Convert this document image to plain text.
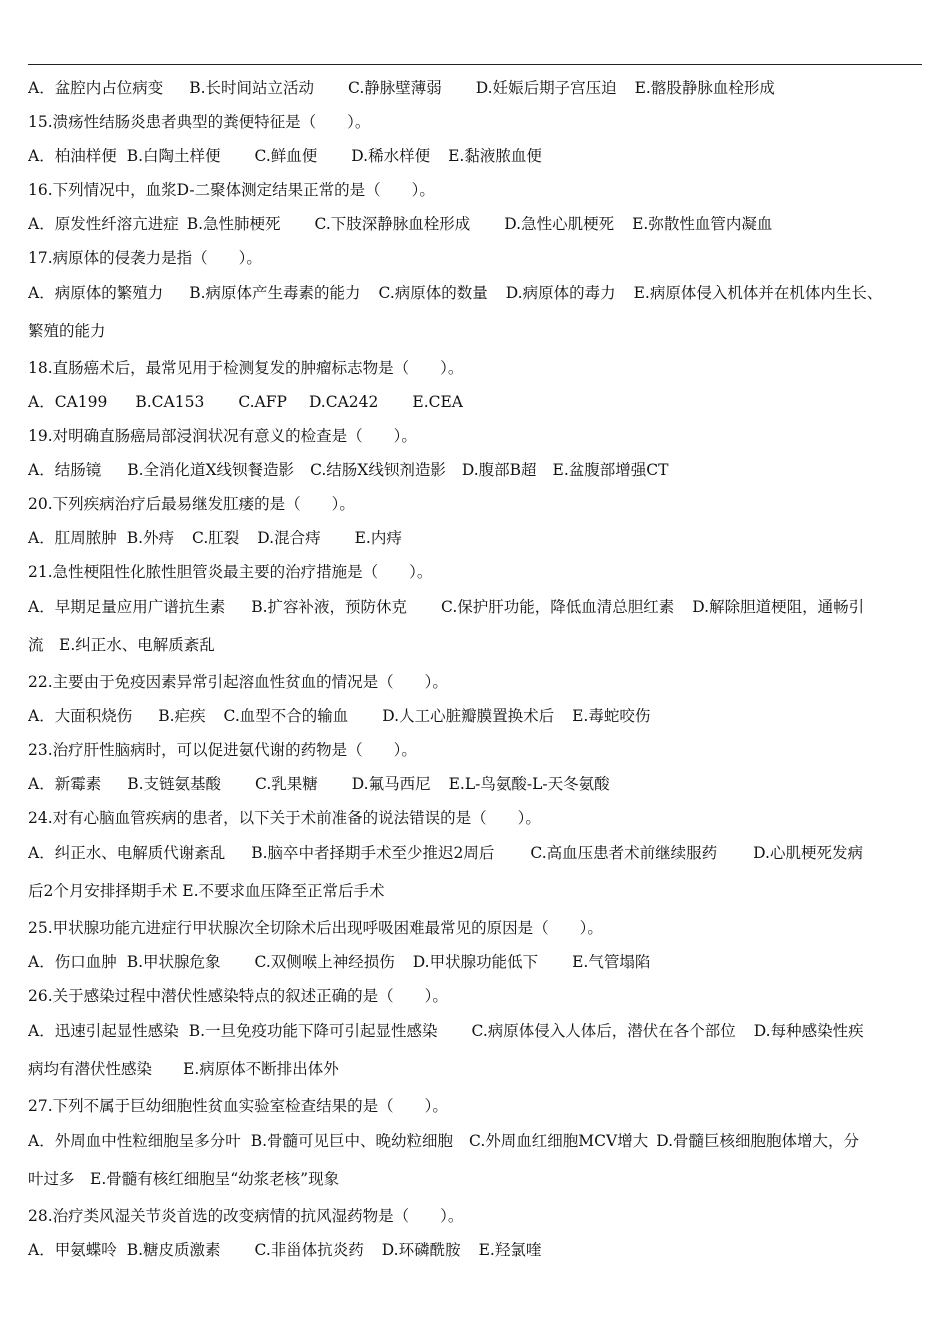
A．盆腔内占位病变 B.长时间站立活动 C.静脉壁薄弱 D.妊娠后期子宫压迫 E.髂股静脉血栓形成
15.溃疡性结肠炎患者典型的粪便特征是（　　）。
A．柏油样便 B.白陶土样便 C.鲜血便 D.稀水样便 E.黏液脓血便
16.下列情况中，血浆D-二聚体测定结果正常的是（　　）。
A．原发性纤溶亢进症 B.急性肺梗死 C.下肢深静脉血栓形成 D.急性心肌梗死 E.弥散性血管内凝血
17.病原体的侵袭力是指（　　）。
A．病原体的繁殖力 B.病原体产生毒素的能力 C.病原体的数量 D.病原体的毒力 E.病原体侵入机体并在机体内生长、
繁殖的能力
18.直肠癌术后，最常见用于检测复发的肿瘤标志物是（　　）。
A．CA199 B.CA153 C.AFP D.CA242 E.CEA
19.对明确直肠癌局部浸润状况有意义的检查是（　　）。
A．结肠镜 B.全消化道X线钡餐造影 C.结肠X线钡剂造影 D.腹部B超 E.盆腹部增强CT
20.下列疾病治疗后最易继发肛瘘的是（　　）。
A．肛周脓肿 B.外痔 C.肛裂 D.混合痔 E.内痔
21.急性梗阻性化脓性胆管炎最主要的治疗措施是（　　）。
A．早期足量应用广谱抗生素 B.扩容补液，预防休克 C.保护肝功能，降低血清总胆红素 D.解除胆道梗阻，通畅引
流　E.纠正水、电解质紊乱
22.主要由于免疫因素异常引起溶血性贫血的情况是（　　）。
A．大面积烧伤 B.疟疾 C.血型不合的输血 D.人工心脏瓣膜置换术后 E.毒蛇咬伤
23.治疗肝性脑病时，可以促进氨代谢的药物是（　　）。
A．新霉素 B.支链氨基酸 C.乳果糖 D.氟马西尼 E.L-鸟氨酸-L-天冬氨酸
24.对有心脑血管疾病的患者，以下关于术前准备的说法错误的是（　　）。
A．纠正水、电解质代谢紊乱 B.脑卒中者择期手术至少推迟2周后 C.高血压患者术前继续服药 D.心肌梗死发病
后2个月安排择期手术 E.不要求血压降至正常后手术
25.甲状腺功能亢进症行甲状腺次全切除术后出现呼吸困难最常见的原因是（　　）。
A．伤口血肿 B.甲状腺危象 C.双侧喉上神经损伤 D.甲状腺功能低下 E.气管塌陷
26.关于感染过程中潜伏性感染特点的叙述正确的是（　　）。
A．迅速引起显性感染 B.一旦免疫功能下降可引起显性感染 C.病原体侵入人体后，潜伏在各个部位 D.每种感染性疾
病均有潜伏性感染　　E.病原体不断排出体外
27.下列不属于巨幼细胞性贫血实验室检查结果的是（　　）。
A．外周血中性粒细胞呈多分叶 B.骨髓可见巨中、晚幼粒细胞 C.外周血红细胞MCV增大 D.骨髓巨核细胞胞体增大，分
叶过多　E.骨髓有核红细胞呈“幼浆老核”现象
28.治疗类风湿关节炎首选的改变病情的抗风湿药物是（　　）。
A．甲氨蝶呤 B.糖皮质激素 C.非甾体抗炎药 D.环磷酰胺 E.羟氯喹
